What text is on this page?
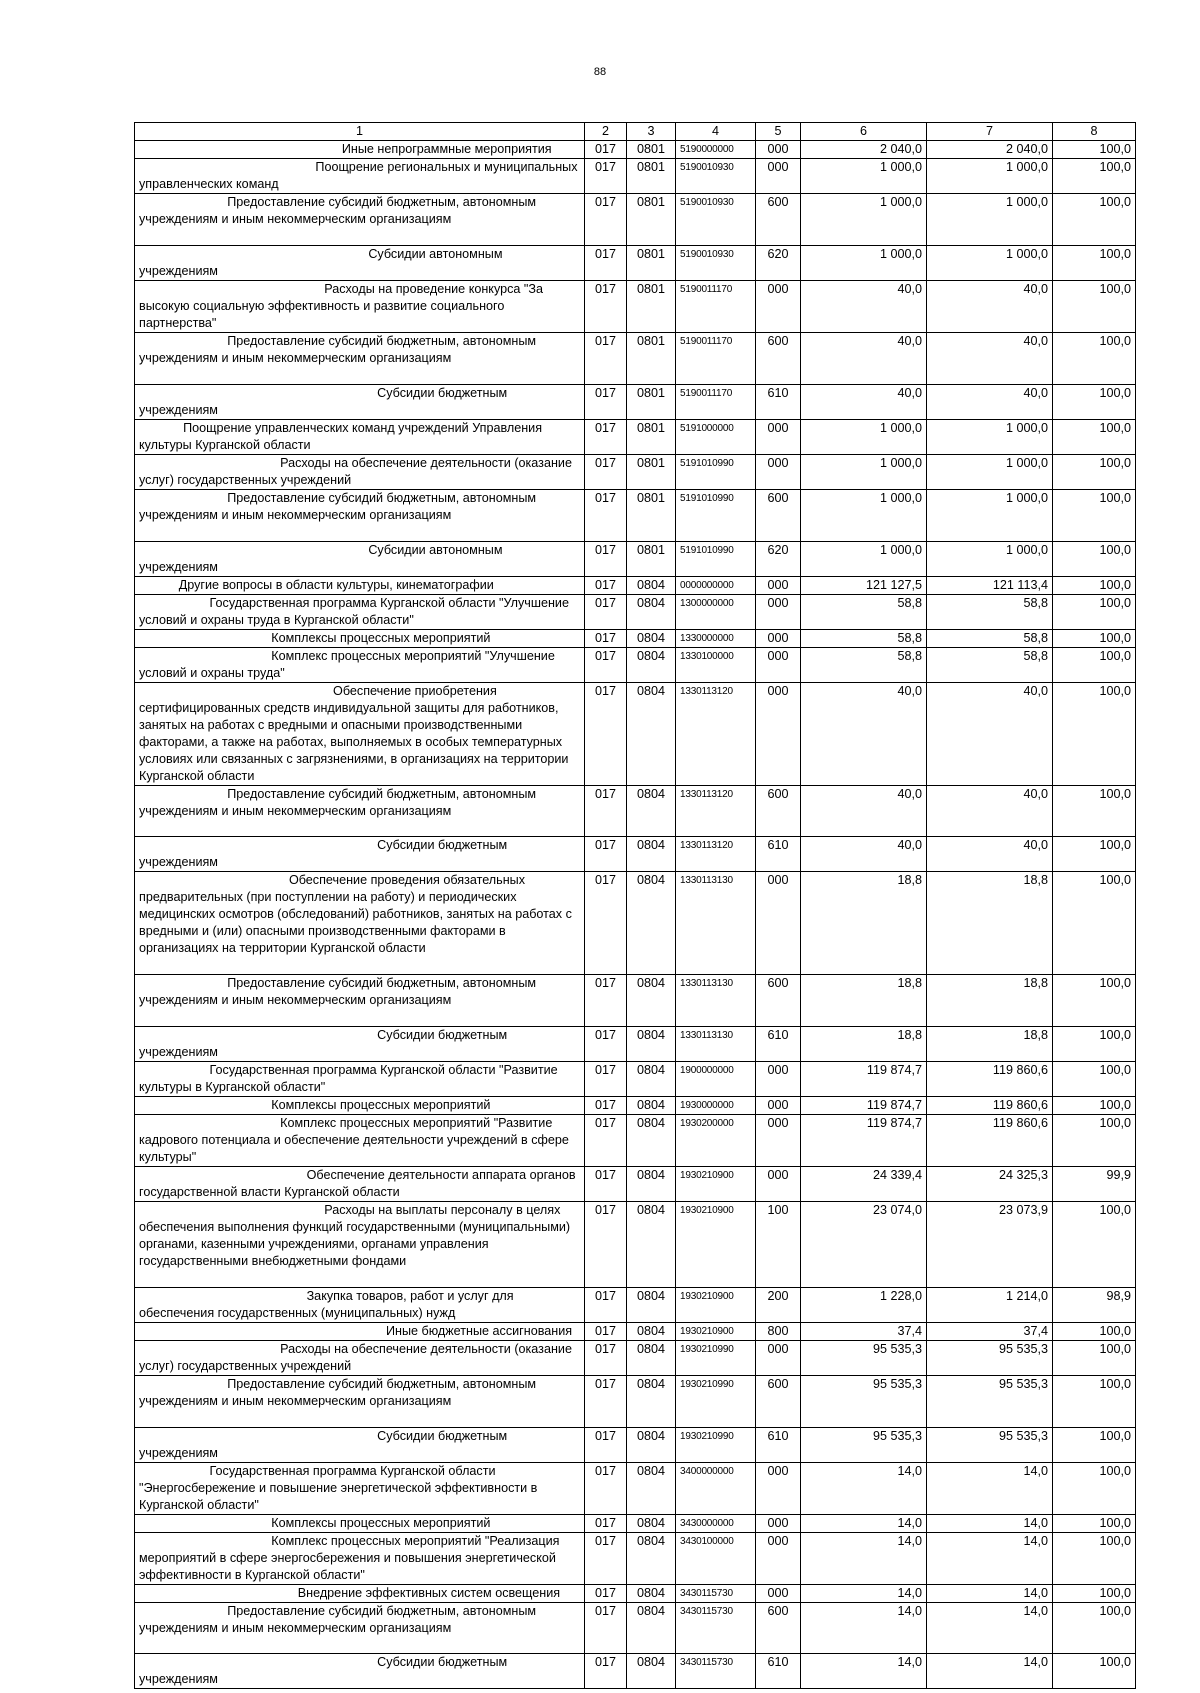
88
1	2	3	4	5	6	7	8
Иные непрограммные мероприятия	017	0801	5190000000	000	2 040,0	2 040,0	100,0
Поощрение региональных и муниципальных управленческих команд	017	0801	5190010930	000	1 000,0	1 000,0	100,0
Предоставление субсидий бюджетным, автономным учреждениям и иным некоммерческим организациям	017	0801	5190010930	600	1 000,0	1 000,0	100,0
Субсидии автономным учреждениям	017	0801	5190010930	620	1 000,0	1 000,0	100,0
Расходы на проведение конкурса "За высокую социальную эффективность и развитие социального партнерства"	017	0801	5190011170	000	40,0	40,0	100,0
Предоставление субсидий бюджетным, автономным учреждениям и иным некоммерческим организациям	017	0801	5190011170	600	40,0	40,0	100,0
Субсидии бюджетным учреждениям	017	0801	5190011170	610	40,0	40,0	100,0
Поощрение управленческих команд учреждений Управления культуры Курганской области	017	0801	5191000000	000	1 000,0	1 000,0	100,0
Расходы на обеспечение деятельности (оказание услуг) государственных учреждений	017	0801	5191010990	000	1 000,0	1 000,0	100,0
Предоставление субсидий бюджетным, автономным учреждениям и иным некоммерческим организациям	017	0801	5191010990	600	1 000,0	1 000,0	100,0
Субсидии автономным учреждениям	017	0801	5191010990	620	1 000,0	1 000,0	100,0
Другие вопросы в области культуры, кинематографии	017	0804	0000000000	000	121 127,5	121 113,4	100,0
Государственная программа Курганской области "Улучшение условий и охраны труда в Курганской области"	017	0804	1300000000	000	58,8	58,8	100,0
Комплексы процессных мероприятий	017	0804	1330000000	000	58,8	58,8	100,0
Комплекс процессных мероприятий "Улучшение условий и охраны труда"	017	0804	1330100000	000	58,8	58,8	100,0
Обеспечение приобретения сертифицированных средств индивидуальной защиты для работников, занятых на работах с вредными и опасными производственными факторами, а также на работах, выполняемых в особых температурных условиях или связанных с загрязнениями, в организациях на территории Курганской области	017	0804	1330113120	000	40,0	40,0	100,0
Предоставление субсидий бюджетным, автономным учреждениям и иным некоммерческим организациям	017	0804	1330113120	600	40,0	40,0	100,0
Субсидии бюджетным учреждениям	017	0804	1330113120	610	40,0	40,0	100,0
Обеспечение проведения обязательных предварительных (при поступлении на работу) и периодических медицинских осмотров (обследований) работников, занятых на работах с вредными и (или) опасными производственными факторами в организациях на территории Курганской области	017	0804	1330113130	000	18,8	18,8	100,0
Предоставление субсидий бюджетным, автономным учреждениям и иным некоммерческим организациям	017	0804	1330113130	600	18,8	18,8	100,0
Субсидии бюджетным учреждениям	017	0804	1330113130	610	18,8	18,8	100,0
Государственная программа Курганской области "Развитие культуры в Курганской области"	017	0804	1900000000	000	119 874,7	119 860,6	100,0
Комплексы процессных мероприятий	017	0804	1930000000	000	119 874,7	119 860,6	100,0
Комплекс процессных мероприятий "Развитие кадрового потенциала и обеспечение деятельности учреждений в сфере культуры"	017	0804	1930200000	000	119 874,7	119 860,6	100,0
Обеспечение деятельности аппарата органов государственной власти Курганской области	017	0804	1930210900	000	24 339,4	24 325,3	99,9
Расходы на выплаты персоналу в целях обеспечения выполнения функций государственными (муниципальными) органами, казенными учреждениями, органами управления государственными внебюджетными фондами	017	0804	1930210900	100	23 074,0	23 073,9	100,0
Закупка товаров, работ и услуг для обеспечения государственных (муниципальных) нужд	017	0804	1930210900	200	1 228,0	1 214,0	98,9
Иные бюджетные ассигнования	017	0804	1930210900	800	37,4	37,4	100,0
Расходы на обеспечение деятельности (оказание услуг) государственных учреждений	017	0804	1930210990	000	95 535,3	95 535,3	100,0
Предоставление субсидий бюджетным, автономным учреждениям и иным некоммерческим организациям	017	0804	1930210990	600	95 535,3	95 535,3	100,0
Субсидии бюджетным учреждениям	017	0804	1930210990	610	95 535,3	95 535,3	100,0
Государственная программа Курганской области "Энергосбережение и повышение энергетической эффективности в Курганской области"	017	0804	3400000000	000	14,0	14,0	100,0
Комплексы процессных мероприятий	017	0804	3430000000	000	14,0	14,0	100,0
Комплекс процессных мероприятий "Реализация мероприятий в сфере энергосбережения и повышения энергетической эффективности в Курганской области"	017	0804	3430100000	000	14,0	14,0	100,0
Внедрение эффективных систем освещения	017	0804	3430115730	000	14,0	14,0	100,0
Предоставление субсидий бюджетным, автономным учреждениям и иным некоммерческим организациям	017	0804	3430115730	600	14,0	14,0	100,0
Субсидии бюджетным учреждениям	017	0804	3430115730	610	14,0	14,0	100,0
